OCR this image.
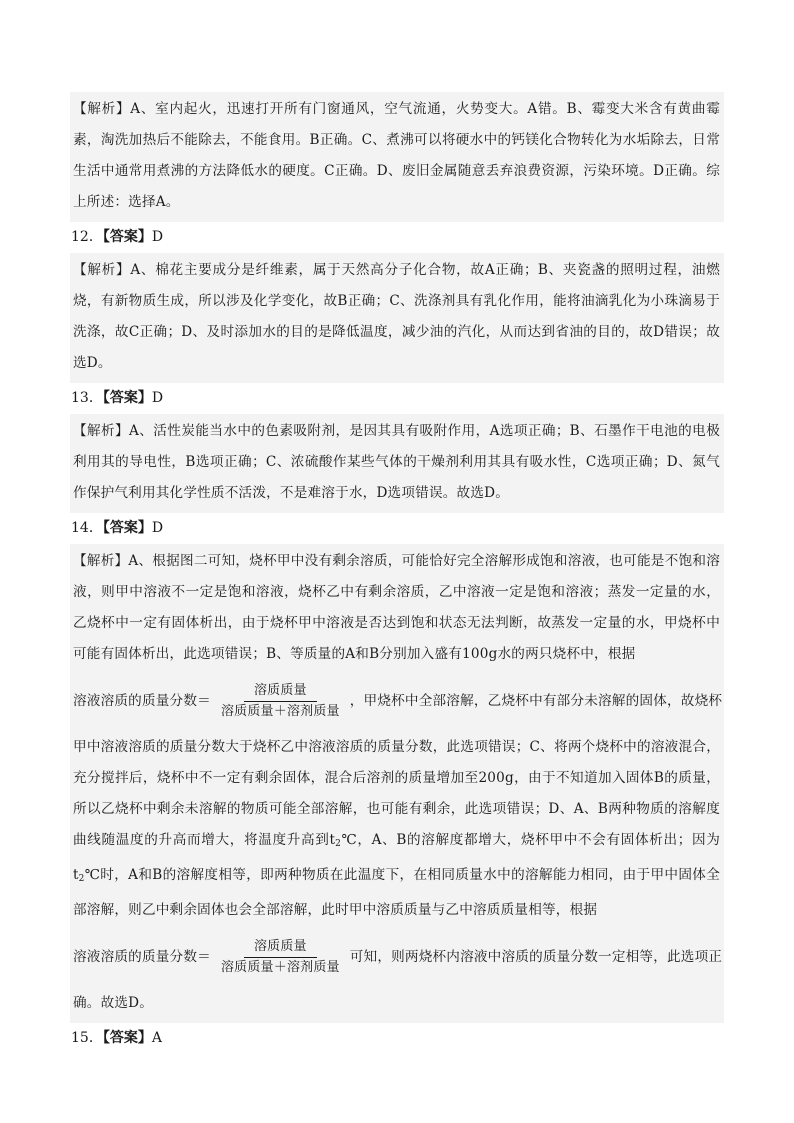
【解析】A、室内起火，迅速打开所有门窗通风，空气流通，火势变大。A错。B、霉变大米含有黄曲霉素，淘洗加热后不能除去，不能食用。B正确。C、煮沸可以将硬水中的钙镁化合物转化为水垢除去，日常生活中通常用煮沸的方法降低水的硬度。C正确。D、废旧金属随意丢弃浪费资源，污染环境。D正确。综上所述：选择A。
12．【答案】D
【解析】A、棉花主要成分是纤维素，属于天然高分子化合物，故A正确；B、夹瓷盏的照明过程，油燃烧，有新物质生成，所以涉及化学变化，故B正确；C、洗涤剂具有乳化作用，能将油滴乳化为小珠滴易于洗涤，故C正确；D、及时添加水的目的是降低温度，减少油的汽化，从而达到省油的目的，故D错误；故选D。
13．【答案】D
【解析】A、活性炭能当水中的色素吸附剂，是因其具有吸附作用，A选项正确；B、石墨作干电池的电极利用其的导电性，B选项正确；C、浓硫酸作某些气体的干燥剂利用其具有吸水性，C选项正确；D、氮气作保护气利用其化学性质不活泼，不是难溶于水，D选项错误。故选D。
14．【答案】D
【解析】A、根据图二可知，烧杯甲中没有剩余溶质，可能恰好完全溶解形成饱和溶液，也可能是不饱和溶液，则甲中溶液不一定是饱和溶液，烧杯乙中有剩余溶质，乙中溶液一定是饱和溶液；蒸发一定量的水，乙烧杯中一定有固体析出，由于烧杯甲中溶液是否达到饱和状态无法判断，故蒸发一定量的水，甲烧杯中可能有固体析出，此选项错误；B、等质量的A和B分别加入盛有100g水的两只烧杯中，根据
溶液溶质的质量分数＝ $\frac{\text{溶质质量}}{\text{溶质质量＋溶剂质量}}$ ，甲烧杯中全部溶解，乙烧杯中有部分未溶解的固体，故烧杯
甲中溶液溶质的质量分数大于烧杯乙中溶液溶质的质量分数，此选项错误；C、将两个烧杯中的溶液混合，充分搅拌后，烧杯中不一定有剩余固体，混合后溶剂的质量增加至200g，由于不知道加入固体B的质量，所以乙烧杯中剩余未溶解的物质可能全部溶解，也可能有剩余，此选项错误；D、A、B两种物质的溶解度曲线随温度的升高而增大，将温度升高到$t_2℃$，A、B的溶解度都增大，烧杯甲中不会有固体析出；因为$t_2℃$时，A和B的溶解度相等，即两种物质在此温度下，在相同质量水中的溶解能力相同，由于甲中固体全部溶解，则乙中剩余固体也会全部溶解，此时甲中溶质质量与乙中溶质质量相等，根据
溶液溶质的质量分数＝ $\frac{\text{溶质质量}}{\text{溶质质量＋溶剂质量}}$ 可知，则两烧杯内溶液中溶质的质量分数一定相等，此选项正
确。故选D。
15．【答案】A
